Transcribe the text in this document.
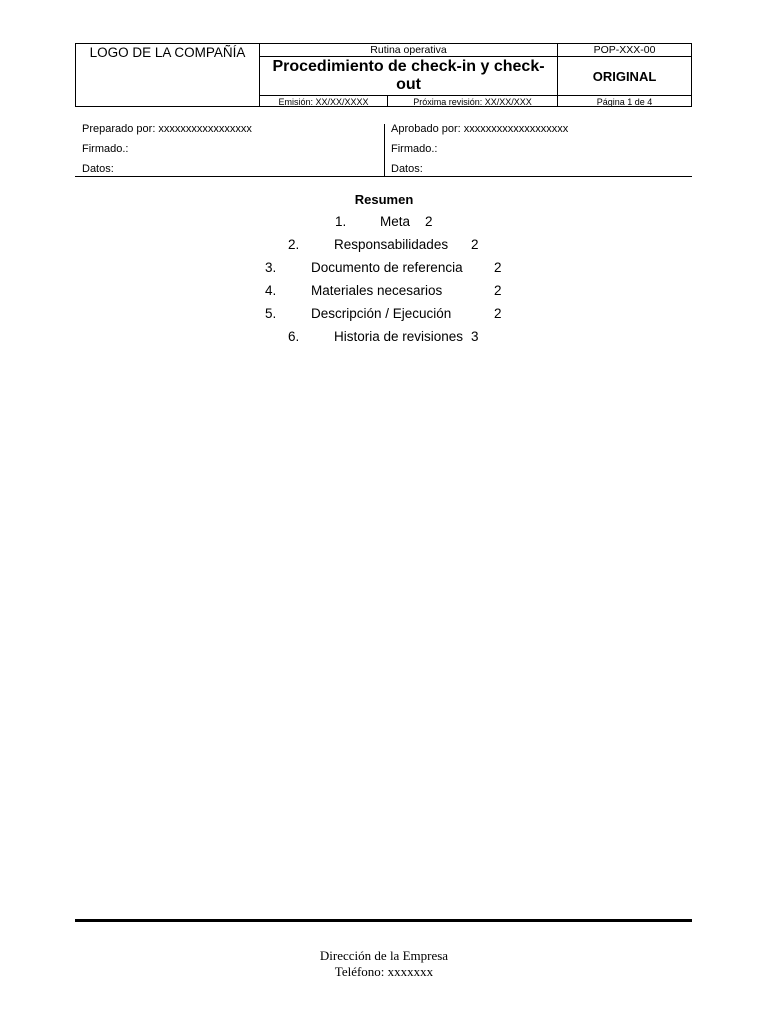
LOGO DE LA COMPAÑÍA	Rutina operativa
Procedimiento de check-in y check-out
Emisión: XX/XX/XXXX	Próxima revisión: XX/XX/XXX
POP-XXX-00
ORIGINAL
Página 1 de 4
Preparado por: xxxxxxxxxxxxxxxxx
Firmado.:
Datos:
Aprobado por: xxxxxxxxxxxxxxxxxxx
Firmado.:
Datos:
Resumen
1. Meta 2
2.	Responsabilidades 2
3.	Documento de referencia 2
4.	Materiales necesarios	2
5.	Descripción / Ejecución	2
6.	Historia de revisiones 3
Dirección de la Empresa
Teléfono: xxxxxxx
